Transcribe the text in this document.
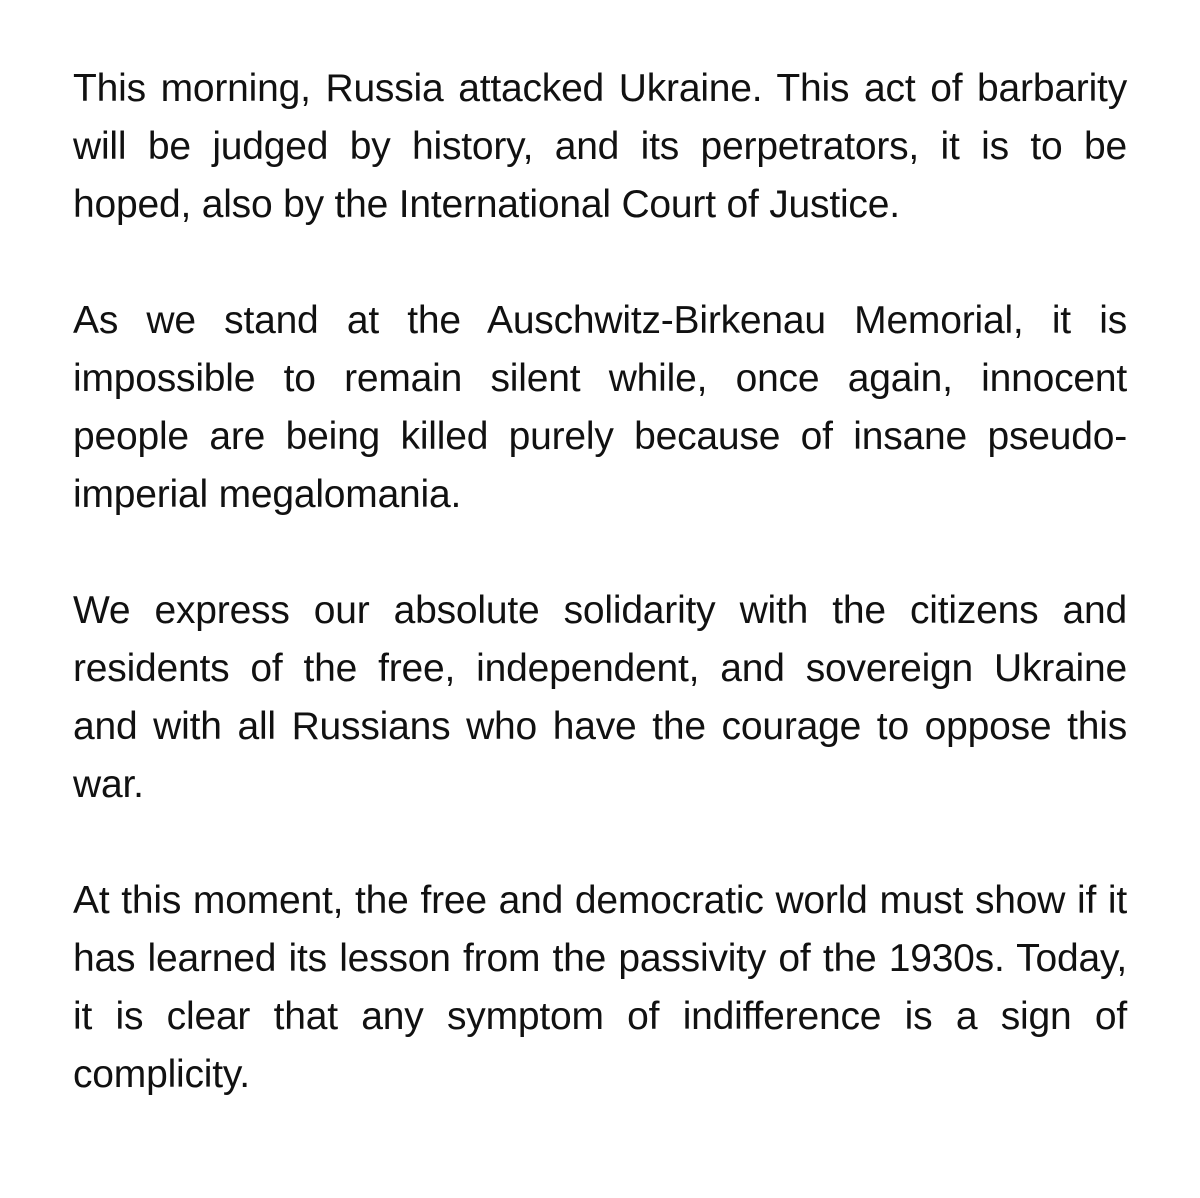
This morning, Russia attacked Ukraine. This act of barbarity will be judged by history, and its perpetrators, it is to be hoped, also by the International Court of Justice.

As we stand at the Auschwitz-Birkenau Memorial, it is impossible to remain silent while, once again, innocent people are being killed purely because of insane pseudo-imperial megalomania.

We express our absolute solidarity with the citizens and residents of the free, independent, and sovereign Ukraine and with all Russians who have the courage to oppose this war.

At this moment, the free and democratic world must show if it has learned its lesson from the passivity of the 1930s. Today, it is clear that any symptom of indifference is a sign of complicity.
